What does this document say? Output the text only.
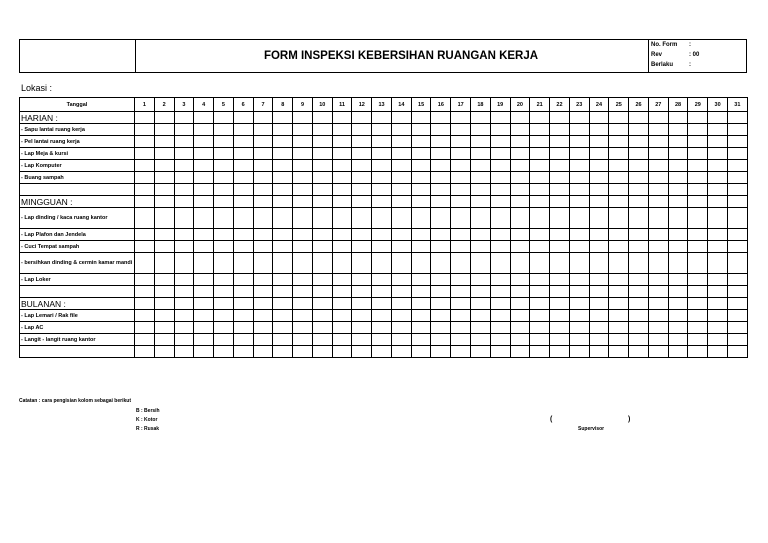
FORM INSPEKSI KEBERSIHAN RUANGAN KERJA
No. Form :
Rev	: 00
Berlaku	:
Lokasi :
Tanggal	1	2	3	4	5	6	7	8	9	10	11	12	13	14	15	16	17	18	19	20	21	22	23	24	25	26	27	28	29	30	31
HARIAN :																															
- Sapu lantai ruang kerja																															
- Pel lantai ruang kerja																															
- Lap Meja & kursi																															
- Lap Komputer																															
- Buang sampah																															

MINGGUAN :																															
- Lap dinding / kaca ruang kantor																															
- Lap Plafon dan Jendela																															
- Cuci Tempat sampah																															
- bersihkan dinding & cermin kamar mandi																															
- Lap Loker																															

BULANAN :																															
- Lap Lemari / Rak file																															
- Lap AC																															
- Langit - langit ruang kantor																															

Catatan : cara pengisian kolom sebagai berikut
B : Bersih
K : Kotor
R : Rusak
(	)
Supervisor
